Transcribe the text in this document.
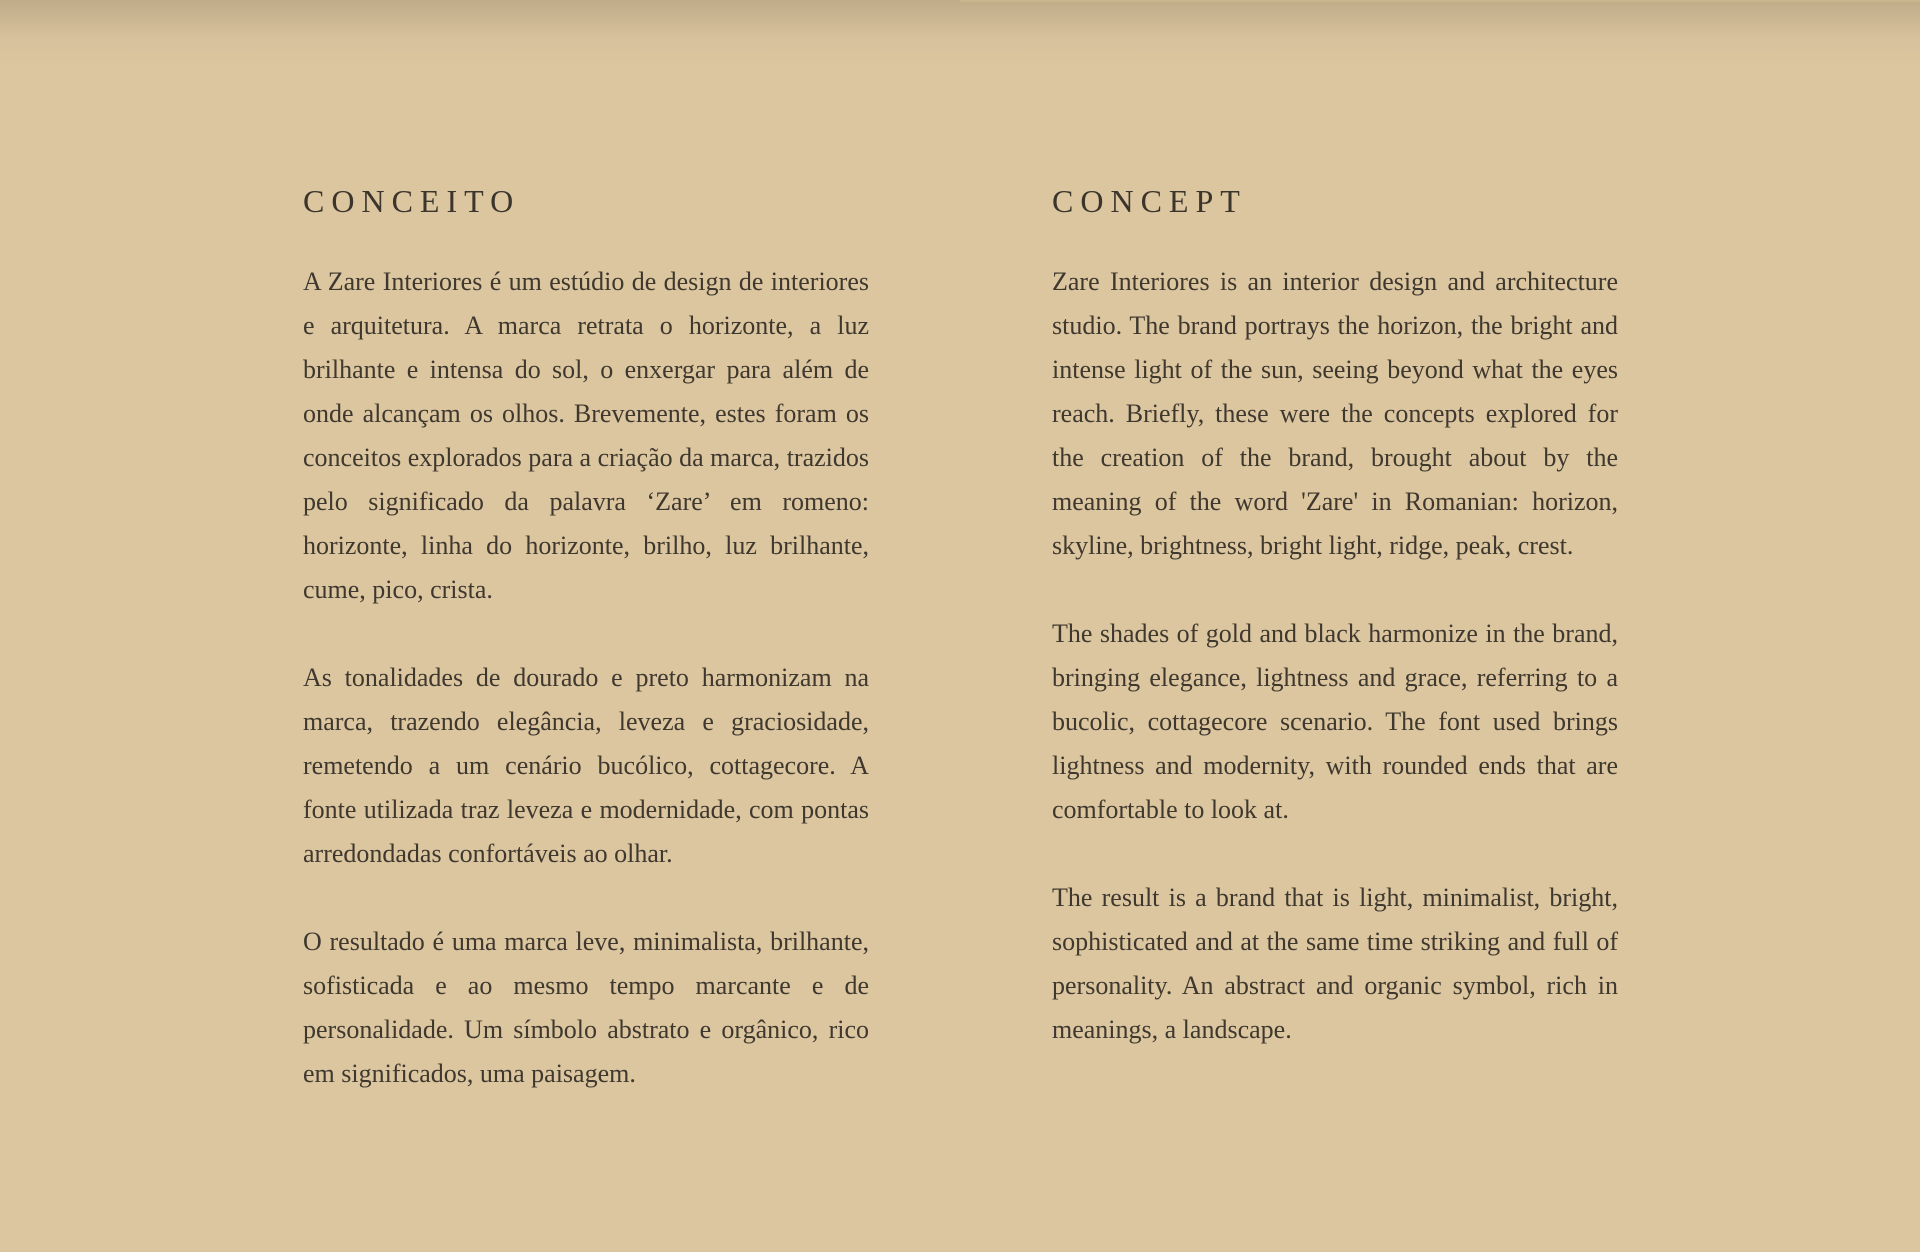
CONCEITO

A Zare Interiores é um estúdio de design de interiores e arquitetura. A marca retrata o horizonte, a luz brilhante e intensa do sol, o enxergar para além de onde alcançam os olhos. Brevemente, estes foram os conceitos explorados para a criação da marca, trazidos pelo significado da palavra ‘Zare’ em romeno: horizonte, linha do horizonte, brilho, luz brilhante, cume, pico, crista.

As tonalidades de dourado e preto harmonizam na marca, trazendo elegância, leveza e graciosidade, remetendo a um cenário bucólico, cottagecore. A fonte utilizada traz leveza e modernidade, com pontas arredondadas confortáveis ao olhar.

O resultado é uma marca leve, minimalista, brilhante, sofisticada e ao mesmo tempo marcante e de personalidade. Um símbolo abstrato e orgânico, rico em significados, uma paisagem.

CONCEPT

Zare Interiores is an interior design and architecture studio. The brand portrays the horizon, the bright and intense light of the sun, seeing beyond what the eyes reach. Briefly, these were the concepts explored for the creation of the brand, brought about by the meaning of the word 'Zare' in Romanian: horizon, skyline, brightness, bright light, ridge, peak, crest.

The shades of gold and black harmonize in the brand, bringing elegance, lightness and grace, referring to a bucolic, cottagecore scenario. The font used brings lightness and modernity, with rounded ends that are comfortable to look at.

The result is a brand that is light, minimalist, bright, sophisticated and at the same time striking and full of personality. An abstract and organic symbol, rich in meanings, a landscape.
